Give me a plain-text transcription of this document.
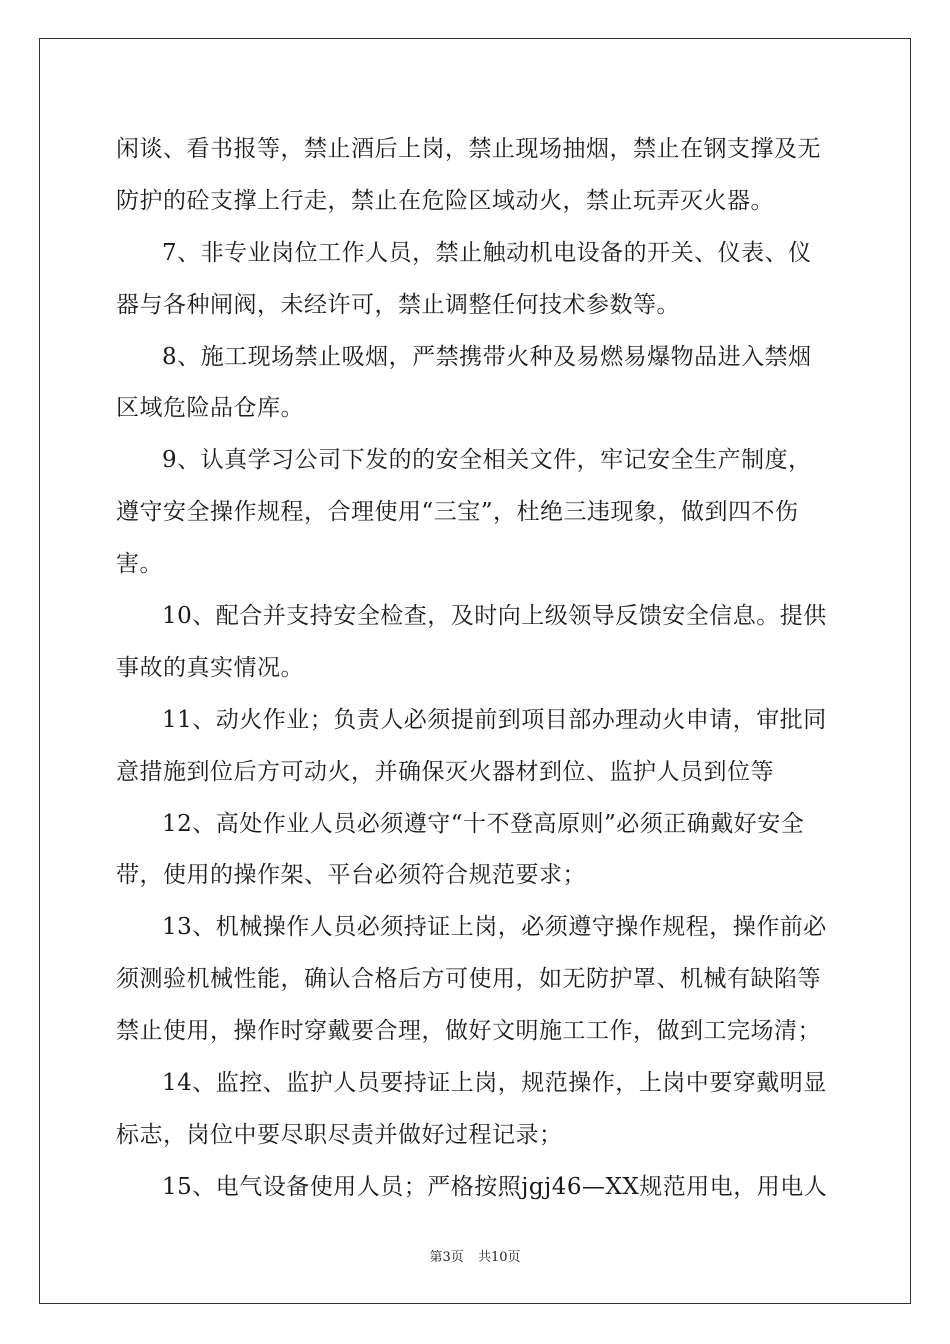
闲谈、看书报等，禁止酒后上岗，禁止现场抽烟，禁止在钢支撑及无
防护的砼支撑上行走，禁止在危险区域动火，禁止玩弄灭火器。
7、非专业岗位工作人员，禁止触动机电设备的开关、仪表、仪
器与各种闸阀，未经许可，禁止调整任何技术参数等。
8、施工现场禁止吸烟，严禁携带火种及易燃易爆物品进入禁烟
区域危险品仓库。
9、认真学习公司下发的的安全相关文件，牢记安全生产制度，
遵守安全操作规程，合理使用“三宝”，杜绝三违现象，做到四不伤
害。
10、配合并支持安全检查，及时向上级领导反馈安全信息。提供
事故的真实情况。
11、动火作业；负责人必须提前到项目部办理动火申请，审批同
意措施到位后方可动火，并确保灭火器材到位、监护人员到位等
12、高处作业人员必须遵守“十不登高原则”必须正确戴好安全
带，使用的操作架、平台必须符合规范要求；
13、机械操作人员必须持证上岗，必须遵守操作规程，操作前必
须测验机械性能，确认合格后方可使用，如无防护罩、机械有缺陷等
禁止使用，操作时穿戴要合理，做好文明施工工作，做到工完场清；
14、监控、监护人员要持证上岗，规范操作，上岗中要穿戴明显
标志，岗位中要尽职尽责并做好过程记录；
15、电气设备使用人员；严格按照jgj46—XX规范用电，用电人
第3页 共10页
